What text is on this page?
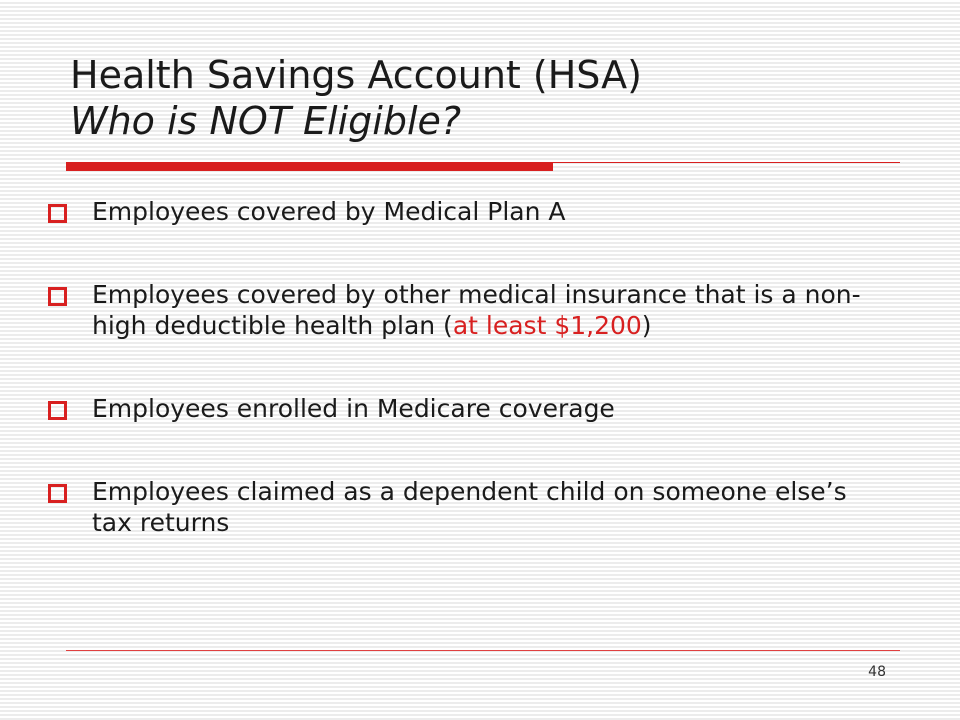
Health Savings Account (HSA)
Who is NOT Eligible?
Employees covered by Medical Plan A
Employees covered by other medical insurance that is a non-high deductible health plan (at least $1,200)
Employees enrolled in Medicare coverage
Employees claimed as a dependent child on someone else’s tax returns
48
